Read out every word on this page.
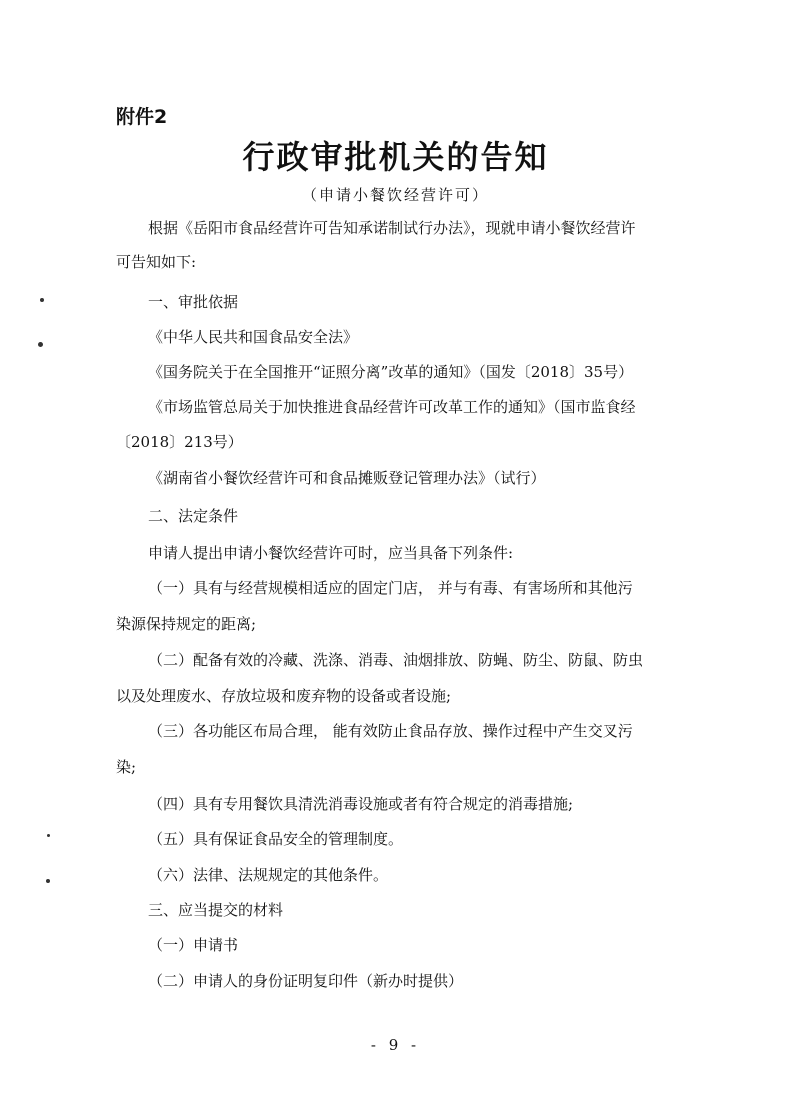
附件2
行政审批机关的告知
（申请小餐饮经营许可）
根据《岳阳市食品经营许可告知承诺制试行办法》，现就申请小餐饮经营许
可告知如下:
一、审批依据
《中华人民共和国食品安全法》
《国务院关于在全国推开“证照分离”改革的通知》（国发〔2018〕35号）
《市场监管总局关于加快推进食品经营许可改革工作的通知》（国市监食经
〔2018〕213号）
《湖南省小餐饮经营许可和食品摊贩登记管理办法》（试行）
二、法定条件
申请人提出申请小餐饮经营许可时，应当具备下列条件:
（一）具有与经营规模相适应的固定门店， 并与有毒、有害场所和其他污
染源保持规定的距离;
（二）配备有效的冷藏、洗涤、消毒、油烟排放、防蝇、防尘、防鼠、防虫
以及处理废水、存放垃圾和废弃物的设备或者设施;
（三）各功能区布局合理， 能有效防止食品存放、操作过程中产生交叉污
染;
（四）具有专用餐饮具清洗消毒设施或者有符合规定的消毒措施;
（五）具有保证食品安全的管理制度。
（六）法律、法规规定的其他条件。
三、应当提交的材料
（一）申请书
（二）申请人的身份证明复印件（新办时提供）
- 9 -
